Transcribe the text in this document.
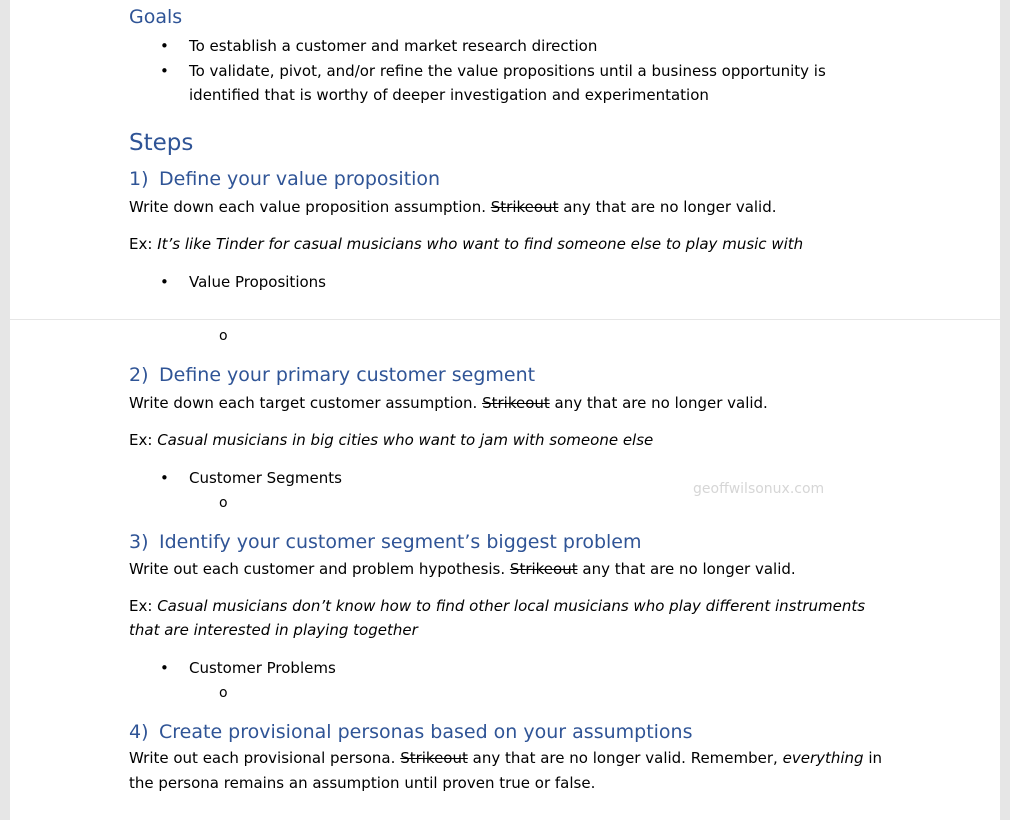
Goals
• To establish a customer and market research direction
• To validate, pivot, and/or refine the value propositions until a business opportunity is
identified that is worthy of deeper investigation and experimentation
Steps
1) Define your value proposition
Write down each value proposition assumption. Strikeout any that are no longer valid.
Ex: It’s like Tinder for casual musicians who want to find someone else to play music with
• Value Propositions
o
2) Define your primary customer segment
Write down each target customer assumption. Strikeout any that are no longer valid.
Ex: Casual musicians in big cities who want to jam with someone else
• Customer Segments
o
geoffwilsonux.com
3) Identify your customer segment’s biggest problem
Write out each customer and problem hypothesis. Strikeout any that are no longer valid.
Ex: Casual musicians don’t know how to find other local musicians who play different instruments
that are interested in playing together
• Customer Problems
o
4) Create provisional personas based on your assumptions
Write out each provisional persona. Strikeout any that are no longer valid. Remember, everything in
the persona remains an assumption until proven true or false.
